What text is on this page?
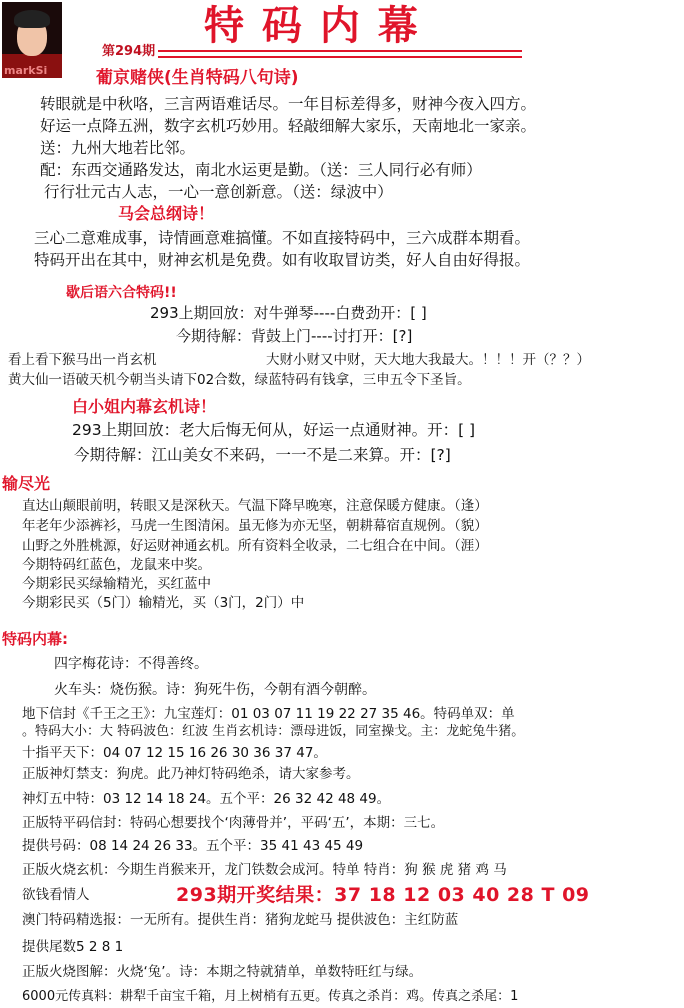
markSi
特 码 内 幕
第294期
葡京赌侠(生肖特码八句诗)
转眼就是中秋咯，三言两语难话尽。一年目标差得多，财神今夜入四方。
好运一点降五洲，数字玄机巧妙用。轻敲细解大家乐，天南地北一家亲。
送：九州大地若比邻。
配：东西交通路发达，南北水运更是勤。（送：三人同行必有师）
行行壮元古人志，一心一意创新意。（送：绿波中）
马会总纲诗！
三心二意难成事，诗情画意难搞懂。不如直接特码中，三六成群本期看。
特码开出在其中，财神玄机是免费。如有收取冒访类，好人自由好得报。
歇后语六合特码!!
293上期回放：对牛弹琴----白费劲开：[ ]
今期待解：背鼓上门----讨打开：[?]
看上看下猴马出一肖玄机	大财小财又中财，天大地大我最大。！！！开（？？）
黄大仙一语破天机今朝当头请下02合数，绿蓝特码有钱拿，三申五令下圣旨。
白小姐内幕玄机诗！
293上期回放：老大后悔无何从，好运一点通财神。开：[ ]
今期待解：江山美女不来码，一一不是二来算。开：[?]
输尽光
直达山颠眼前明，转眼又是深秋天。气温下降早晚寒，注意保暖方健康。（逢）
年老年少添裤衫，马虎一生图清闲。虽无修为亦无坚，朝耕幕宿直规例。（貌）
山野之外胜桃源，好运财神通玄机。所有资料全收录，二七组合在中间。（涯）
今期特码红蓝色，龙鼠来中奖。
今期彩民买绿输精光，买红蓝中
今期彩民买（5门）输精光，买（3门，2门）中
特码内幕:
四字梅花诗：不得善终。
火车头：烧伤猴。诗：狗死牛伤，今朝有酒今朝醉。
地下信封《千王之王》：九宝莲灯：01 03 07 11 19 22 27 35 46。特码单双：单
。特码大小：大 特码波色：红波 生肖玄机诗：漂母进饭，同室操戈。主：龙蛇兔牛猪。
十指平天下：04 07 12 15 16 26 30 36 37 47。
正版神灯禁支：狗虎。此乃神灯特码绝杀，请大家参考。
神灯五中特：03 12 14 18 24。五个平：26 32 42 48 49。
正版特平码信封：特码心想要找个‘肉薄骨并’，平码‘五’，本期：三七。
提供号码：08 14 24 26 33。五个平：35 41 43 45 49
正版火烧玄机：今期生肖猴来开，龙门铁数会成河。特单 特肖：狗 猴 虎 猪 鸡 马
欲钱看情人	293期开奖结果：37 18 12 03 40 28 T 09
澳门特码精选报：一无所有。提供生肖：猪狗龙蛇马 提供波色：主红防蓝
提供尾数5 2 8 1
正版火烧图解：火烧‘兔’。诗：本期之特就猜单，单数特旺红与绿。
6000元传真料：耕犁千亩宝千箱，月上树梢有五更。传真之杀肖：鸡。传真之杀尾：1
